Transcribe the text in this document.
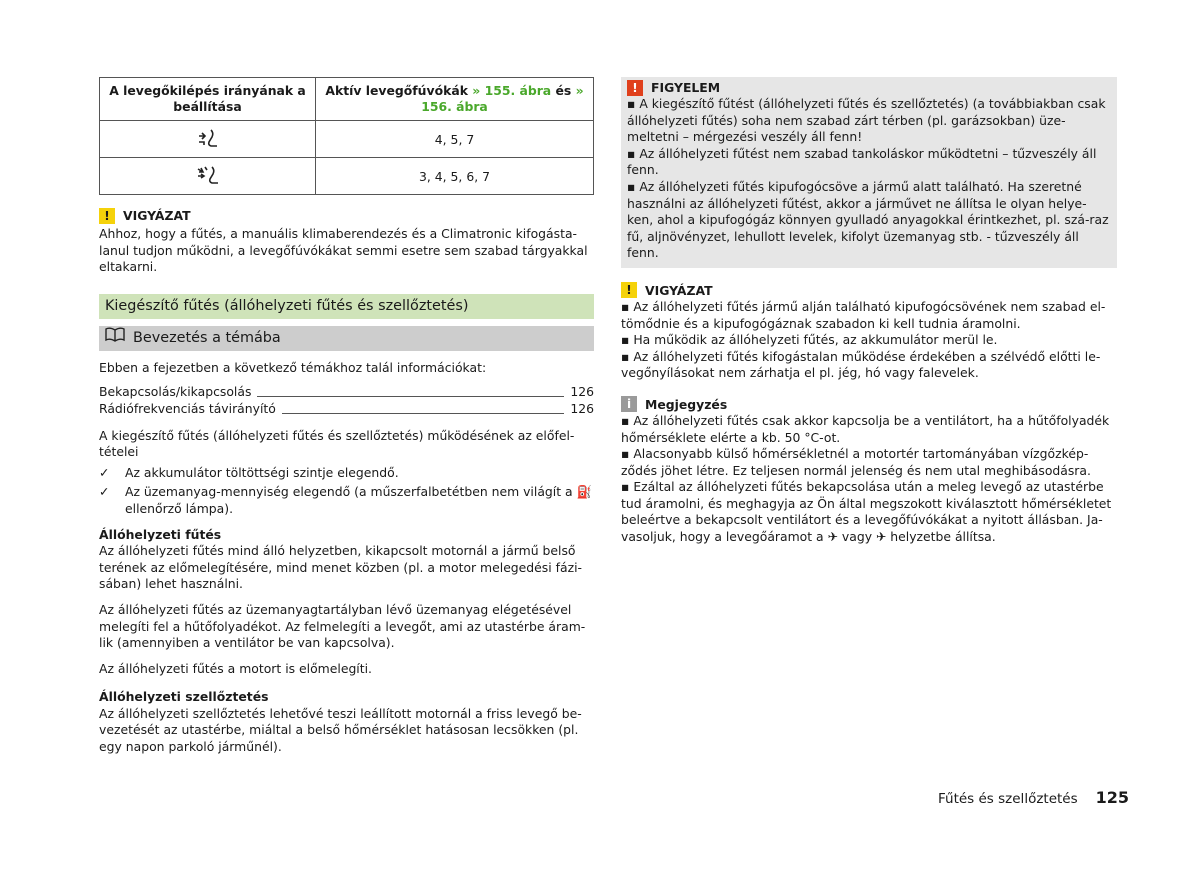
A levegőkilépés irányának a beállítása	Aktív levegőfúvókák » 155. ábra és » 156. ábra
	4, 5, 7
	3, 4, 5, 6, 7
!	VIGYÁZAT

Ahhoz, hogy a fűtés, a manuális klimaberendezés és a Climatronic kifogásta-lanul tudjon működni, a levegőfúvókákat semmi esetre sem szabad tárgyakkal eltakarni.

Kiegészítő fűtés (állóhelyzeti fűtés és szellőztetés)
Bevezetés a témába

Ebben a fejezetben a következő témákhoz talál információkat:

Bekapcsolás/kikapcsolás	126
Rádiófrekvenciás távirányító	126

A kiegészítő fűtés (állóhelyzeti fűtés és szellőztetés) működésének az előfel-tételei

✓	Az akkumulátor töltöttségi szintje elegendő.
✓	Az üzemanyag-mennyiség elegendő (a műszerfalbetétben nem világít a ⛽ ellenőrző lámpa).

Állóhelyzeti fűtés

Az állóhelyzeti fűtés mind álló helyzetben, kikapcsolt motornál a jármű belső terének az előmelegítésére, mind menet közben (pl. a motor melegedési fázi-sában) lehet használni.

Az állóhelyzeti fűtés az üzemanyagtartályban lévő üzemanyag elégetésével melegíti fel a hűtőfolyadékot. Az felmelegíti a levegőt, ami az utastérbe áram-lik (amennyiben a ventilátor be van kapcsolva).

Az állóhelyzeti fűtés a motort is előmelegíti.

Állóhelyzeti szellőztetés

Az állóhelyzeti szellőztetés lehetővé teszi leállított motornál a friss levegő be-vezetését az utastérbe, miáltal a belső hőmérséklet hatásosan lecsökken (pl. egy napon parkoló járműnél).

!	FIGYELEM

▪ A kiegészítő fűtést (állóhelyzeti fűtés és szellőztetés) (a továbbiakban csak állóhelyzeti fűtés) soha nem szabad zárt térben (pl. garázsokban) üze-meltetni – mérgezési veszély áll fenn!

▪ Az állóhelyzeti fűtést nem szabad tankoláskor működtetni – tűzveszély áll fenn.

▪ Az állóhelyzeti fűtés kipufogócsöve a jármű alatt található. Ha szeretné használni az állóhelyzeti fűtést, akkor a járművet ne állítsa le olyan helye-ken, ahol a kipufogógáz könnyen gyulladó anyagokkal érintkezhet, pl. szá-raz fű, aljnövényzet, lehullott levelek, kifolyt üzemanyag stb. - tűzveszély áll fenn.

!	VIGYÁZAT

▪ Az állóhelyzeti fűtés jármű alján található kipufogócsövének nem szabad el-tömődnie és a kipufogógáznak szabadon ki kell tudnia áramolni.

▪ Ha működik az állóhelyzeti fűtés, az akkumulátor merül le.

▪ Az állóhelyzeti fűtés kifogástalan működése érdekében a szélvédő előtti le-vegőnyílásokat nem zárhatja el pl. jég, hó vagy falevelek.

i	Megjegyzés

▪ Az állóhelyzeti fűtés csak akkor kapcsolja be a ventilátort, ha a hűtőfolyadék hőmérséklete elérte a kb. 50 °C-ot.

▪ Alacsonyabb külső hőmérsékletnél a motortér tartományában vízgőzkép-ződés jöhet létre. Ez teljesen normál jelenség és nem utal meghibásodásra.

▪ Ezáltal az állóhelyzeti fűtés bekapcsolása után a meleg levegő az utastérbe tud áramolni, és meghagyja az Ön által megszokott kiválasztott hőmérsékletet beleértve a bekapcsolt ventilátort és a levegőfúvókákat a nyitott állásban. Ja-vasoljuk, hogy a levegőáramot a ✈ vagy ✈ helyzetbe állítsa.

Fűtés és szellőztetés 125
